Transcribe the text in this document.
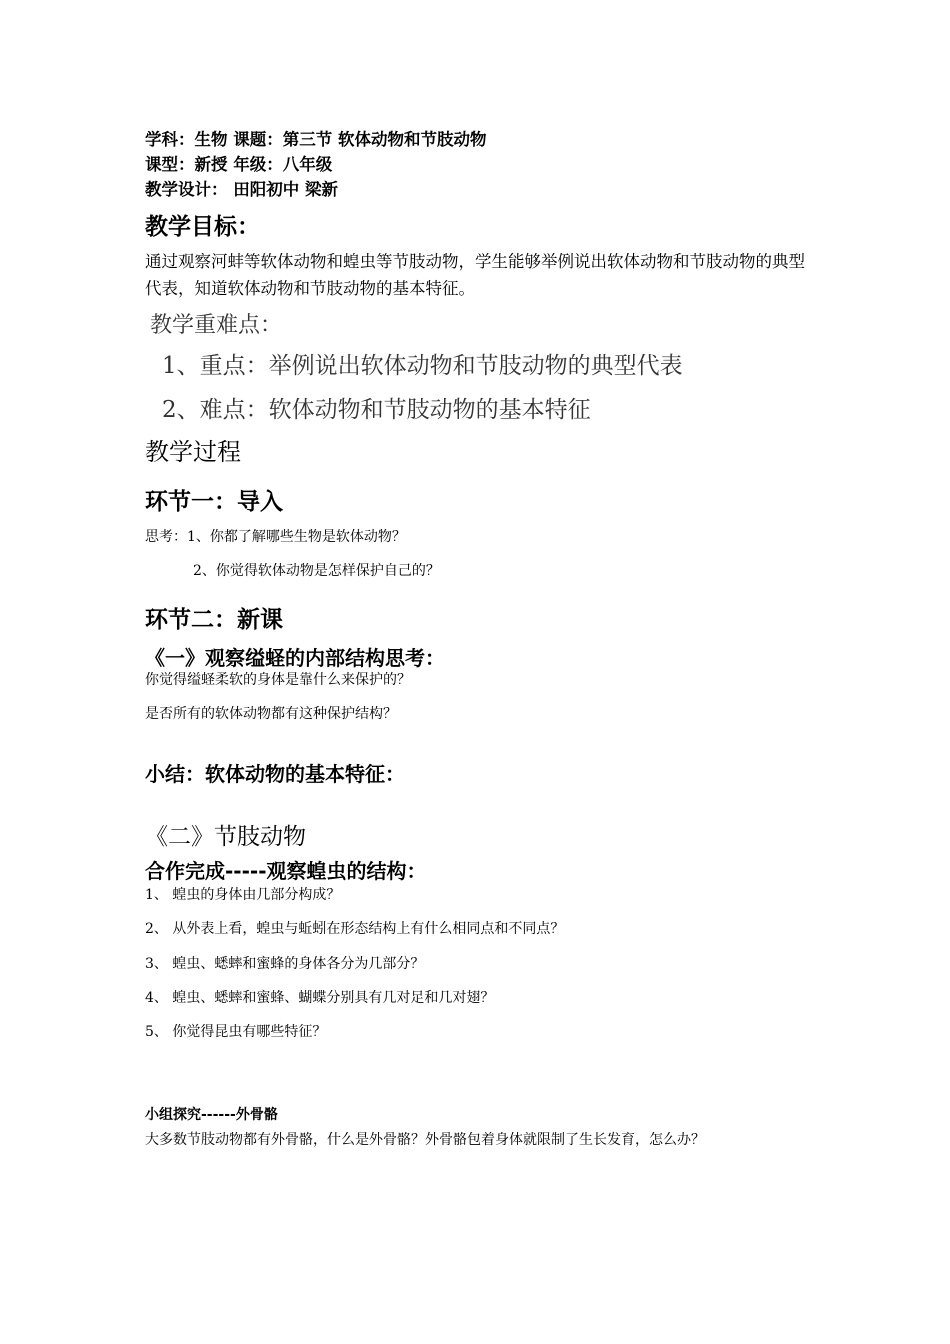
学科：生物 课题：第三节 软体动物和节肢动物
课型：新授 年级：八年级
教学设计： 田阳初中 梁新
教学目标：
通过观察河蚌等软体动物和蝗虫等节肢动物，学生能够举例说出软体动物和节肢动物的典型代表，知道软体动物和节肢动物的基本特征。
教学重难点：
1、重点：举例说出软体动物和节肢动物的典型代表
2、难点：软体动物和节肢动物的基本特征
教学过程
环节一：导入
思考：1、你都了解哪些生物是软体动物？
2、你觉得软体动物是怎样保护自己的？
环节二：新课
《一》观察缢蛏的内部结构思考：
你觉得缢蛏柔软的身体是靠什么来保护的？
是否所有的软体动物都有这种保护结构？
小结：软体动物的基本特征：
《二》节肢动物
合作完成-----观察蝗虫的结构：
1、 蝗虫的身体由几部分构成？
2、 从外表上看，蝗虫与蚯蚓在形态结构上有什么相同点和不同点？
3、 蝗虫、蟋蟀和蜜蜂的身体各分为几部分？
4、 蝗虫、蟋蟀和蜜蜂、蝴蝶分别具有几对足和几对翅？
5、 你觉得昆虫有哪些特征？
小组探究------外骨骼
大多数节肢动物都有外骨骼，什么是外骨骼？外骨骼包着身体就限制了生长发育，怎么办？
